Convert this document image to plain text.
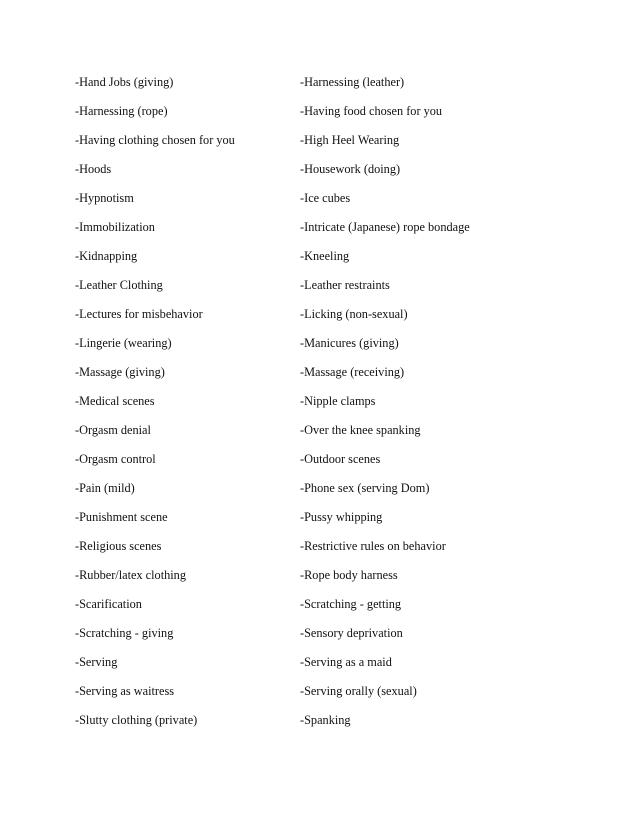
-Hand Jobs (giving)	-Harnessing (leather)
-Harnessing (rope)	-Having food chosen for you
-Having clothing chosen for you	-High Heel Wearing
-Hoods	-Housework (doing)
-Hypnotism	-Ice cubes
-Immobilization	-Intricate (Japanese) rope bondage
-Kidnapping	-Kneeling
-Leather Clothing	-Leather restraints
-Lectures for misbehavior	-Licking (non-sexual)
-Lingerie (wearing)	-Manicures (giving)
-Massage (giving)	-Massage (receiving)
-Medical scenes	-Nipple clamps
-Orgasm denial	-Over the knee spanking
-Orgasm control	-Outdoor scenes
-Pain (mild)	-Phone sex (serving Dom)
-Punishment scene	-Pussy whipping
-Religious scenes	-Restrictive rules on behavior
-Rubber/latex clothing	-Rope body harness
-Scarification	-Scratching - getting
-Scratching - giving	-Sensory deprivation
-Serving	-Serving as a maid
-Serving as waitress	-Serving orally (sexual)
-Slutty clothing (private)	-Spanking
